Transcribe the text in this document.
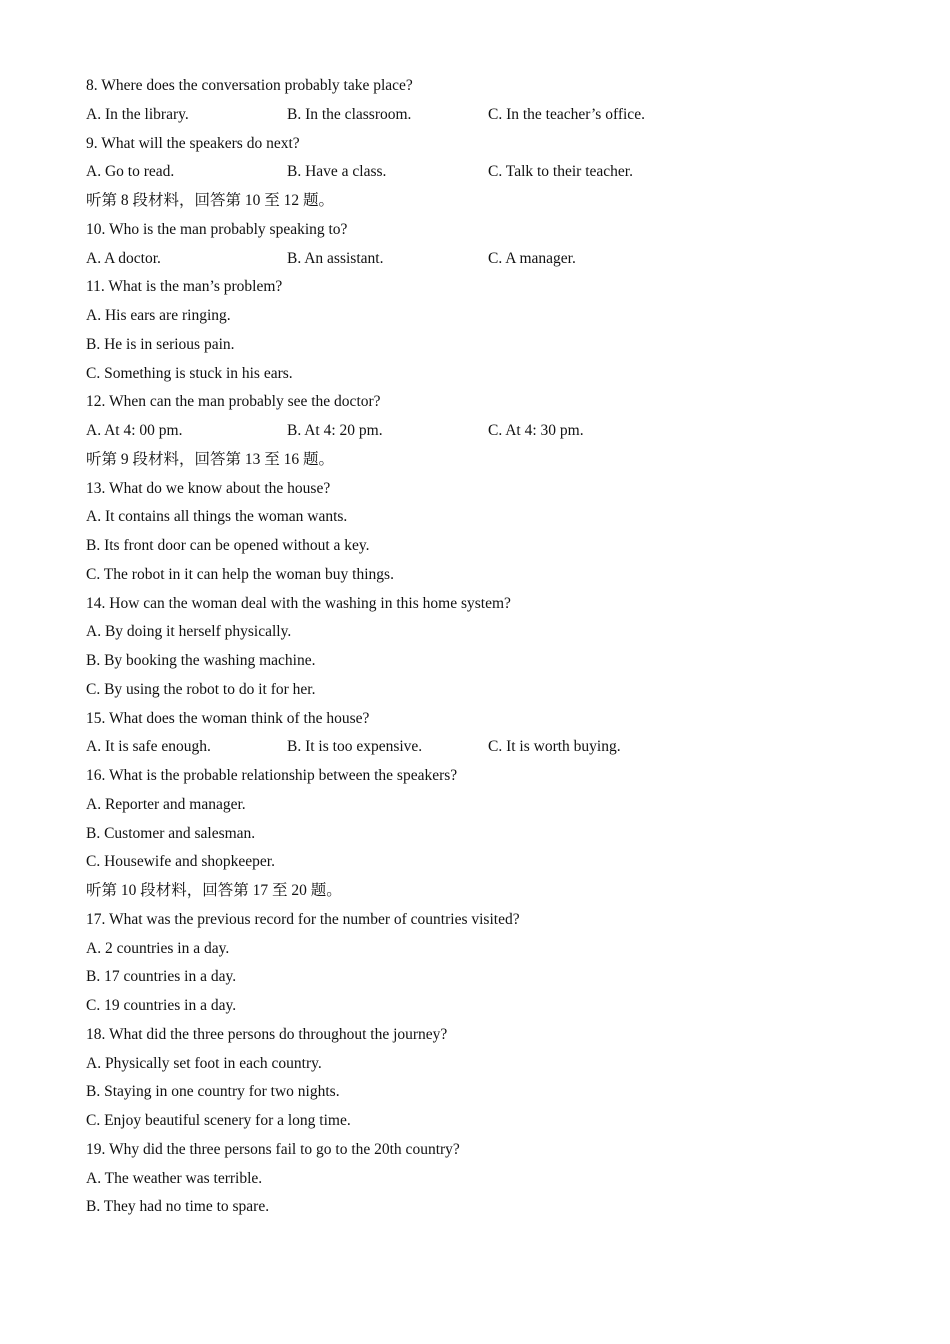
8. Where does the conversation probably take place?
A. In the library.	B. In the classroom.	C. In the teacher’s office.
9. What will the speakers do next?
A. Go to read.	B. Have a class.	C. Talk to their teacher.
听第 8 段材料，回答第 10 至 12 题。
10. Who is the man probably speaking to?
A. A doctor.	B. An assistant.	C. A manager.
11. What is the man’s problem?
A. His ears are ringing.
B. He is in serious pain.
C. Something is stuck in his ears.
12. When can the man probably see the doctor?
A. At 4: 00 pm.	B. At 4: 20 pm.	C. At 4: 30 pm.
听第 9 段材料，回答第 13 至 16 题。
13. What do we know about the house?
A. It contains all things the woman wants.
B. Its front door can be opened without a key.
C. The robot in it can help the woman buy things.
14. How can the woman deal with the washing in this home system?
A. By doing it herself physically.
B. By booking the washing machine.
C. By using the robot to do it for her.
15. What does the woman think of the house?
A. It is safe enough.	B. It is too expensive.	C. It is worth buying.
16. What is the probable relationship between the speakers?
A. Reporter and manager.
B. Customer and salesman.
C. Housewife and shopkeeper.
听第 10 段材料，回答第 17 至 20 题。
17. What was the previous record for the number of countries visited?
A. 2 countries in a day.
B. 17 countries in a day.
C. 19 countries in a day.
18. What did the three persons do throughout the journey?
A. Physically set foot in each country.
B. Staying in one country for two nights.
C. Enjoy beautiful scenery for a long time.
19. Why did the three persons fail to go to the 20th country?
A. The weather was terrible.
B. They had no time to spare.
